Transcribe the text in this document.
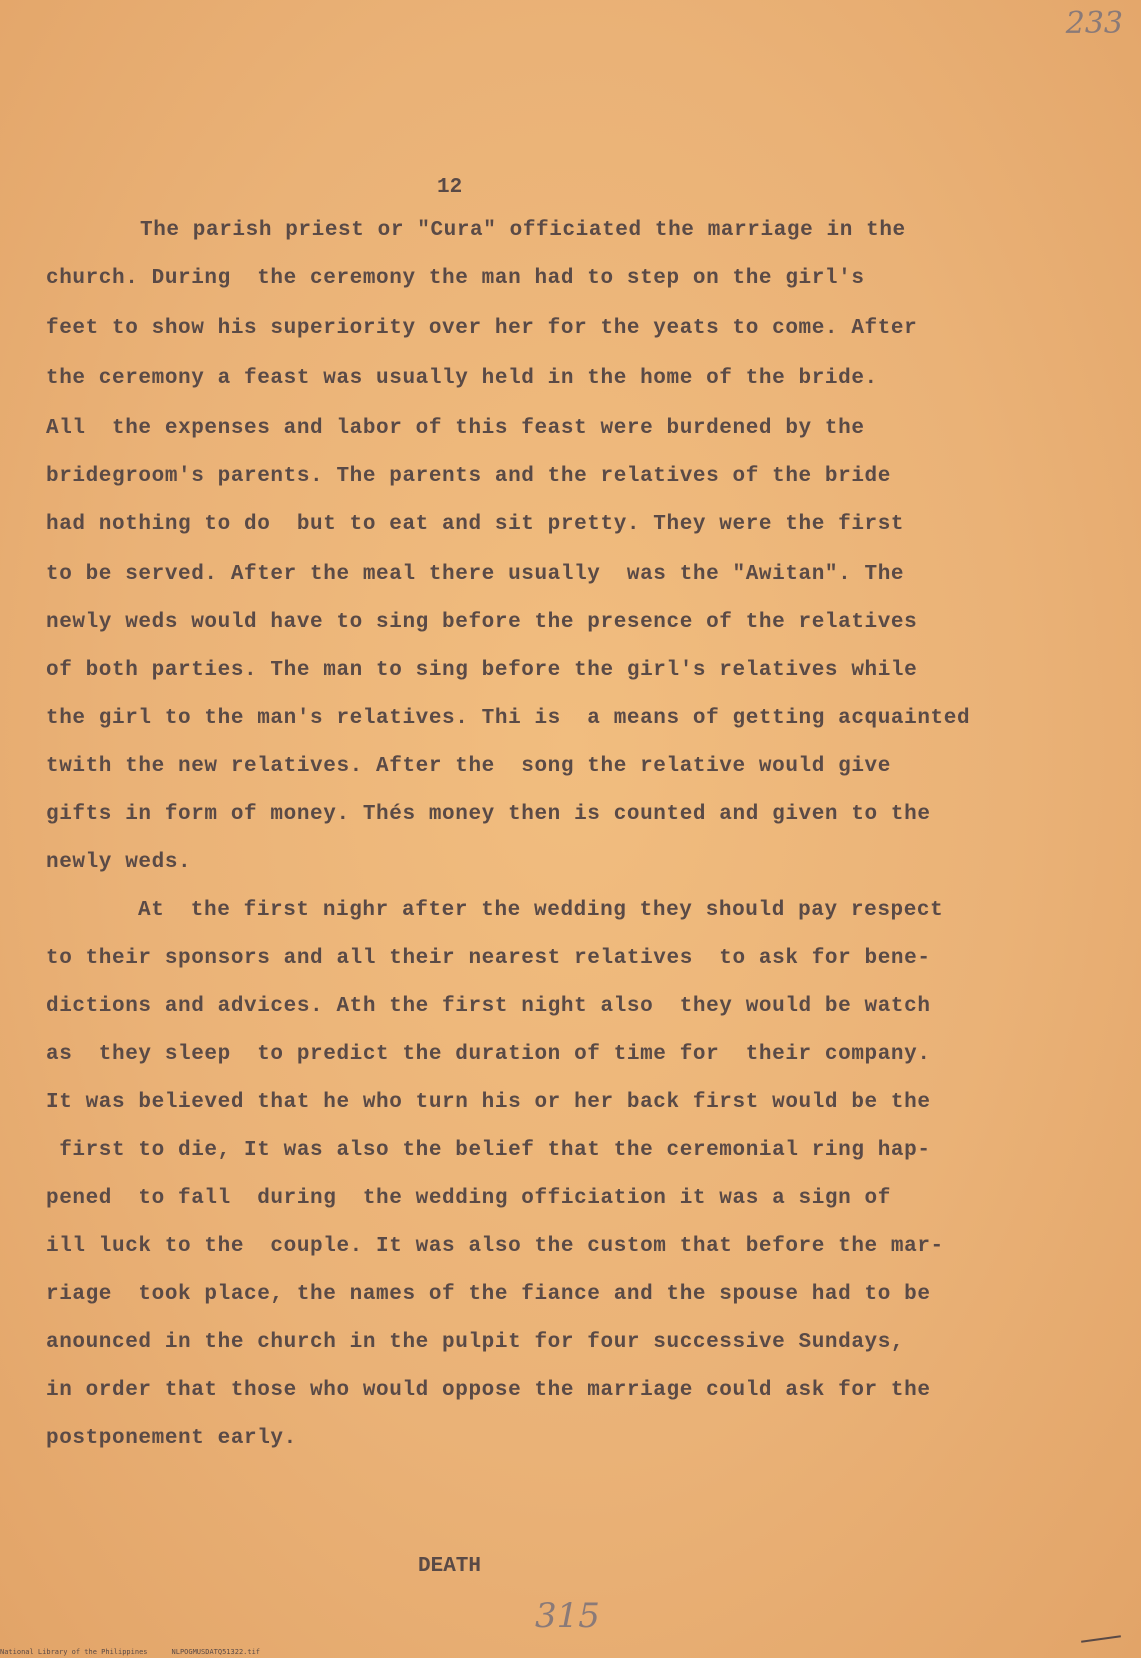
233
12
The parish priest or "Cura" officiated the marriage in the
church. During  the ceremony the man had to step on the girl's
feet to show his superiority over her for the yeats to come. After
the ceremony a feast was usually held in the home of the bride.
All  the expenses and labor of this feast were burdened by the
bridegroom's parents. The parents and the relatives of the bride
had nothing to do  but to eat and sit pretty. They were the first
to be served. After the meal there usually  was the "Awitan". The
newly weds would have to sing before the presence of the relatives
of both parties. The man to sing before the girl's relatives while
the girl to the man's relatives. Thi is  a means of getting acquainted
twith the new relatives. After the  song the relative would give
gifts in form of money. Thés money then is counted and given to the
newly weds.
At  the first nighr after the wedding they should pay respect
to their sponsors and all their nearest relatives  to ask for bene-
dictions and advices. Ath the first night also  they would be watch
as  they sleep  to predict the duration of time for  their company.
It was believed that he who turn his or her back first would be the
first to die, It was also the belief that the ceremonial ring hap-
pened  to fall  during  the wedding officiation it was a sign of
ill luck to the  couple. It was also the custom that before the mar-
riage  took place, the names of the fiance and the spouse had to be
anounced in the church in the pulpit for four successive Sundays,
in order that those who would oppose the marriage could ask for the
postponement early.
DEATH
315
National Library of the Philippines	NLPOGMUSDATQ51322.tif
